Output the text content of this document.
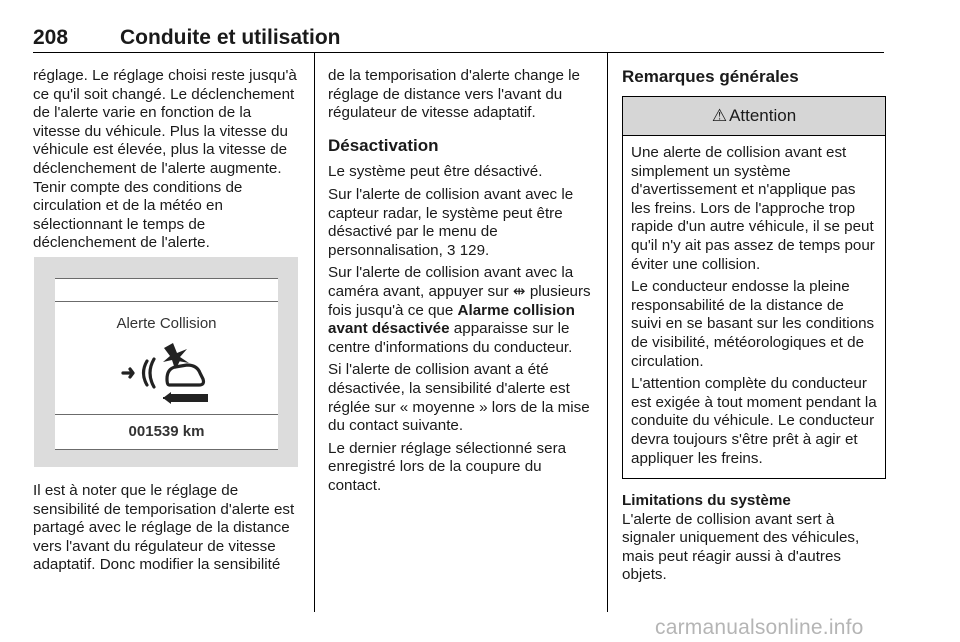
208 Conduite et utilisation

réglage. Le réglage choisi reste jusqu'à ce qu'il soit changé. Le déclenchement de l'alerte varie en fonction de la vitesse du véhicule. Plus la vitesse du véhicule est élevée, plus la vitesse de déclenchement de l'alerte augmente. Tenir compte des conditions de circulation et de la météo en sélectionnant le temps de déclenchement de l'alerte.

Alerte Collision
001539 km

Il est à noter que le réglage de sensibilité de temporisation d'alerte est partagé avec le réglage de la distance vers l'avant du régulateur de vitesse adaptatif. Donc modifier la sensibilité

de la temporisation d'alerte change le réglage de distance vers l'avant du régulateur de vitesse adaptatif.

Désactivation

Le système peut être désactivé.

Sur l'alerte de collision avant avec le capteur radar, le système peut être désactivé par le menu de personnalisation, 3 129.

Sur l'alerte de collision avant avec la caméra avant, appuyer sur ⇹ plusieurs fois jusqu'à ce que Alarme collision avant désactivée apparaisse sur le centre d'informations du conducteur.

Si l'alerte de collision avant a été désactivée, la sensibilité d'alerte est réglée sur « moyenne » lors de la mise du contact suivante.

Le dernier réglage sélectionné sera enregistré lors de la coupure du contact.

Remarques générales
⚠ Attention

Une alerte de collision avant est simplement un système d'avertissement et n'applique pas les freins. Lors de l'approche trop rapide d'un autre véhicule, il se peut qu'il n'y ait pas assez de temps pour éviter une collision.

Le conducteur endosse la pleine responsabilité de la distance de suivi en se basant sur les conditions de visibilité, météorologiques et de circulation.

L'attention complète du conducteur est exigée à tout moment pendant la conduite du véhicule. Le conducteur devra toujours s'être prêt à agir et appliquer les freins.

Limitations du système
L'alerte de collision avant sert à signaler uniquement des véhicules, mais peut réagir aussi à d'autres objets.
carmanualsonline.info
